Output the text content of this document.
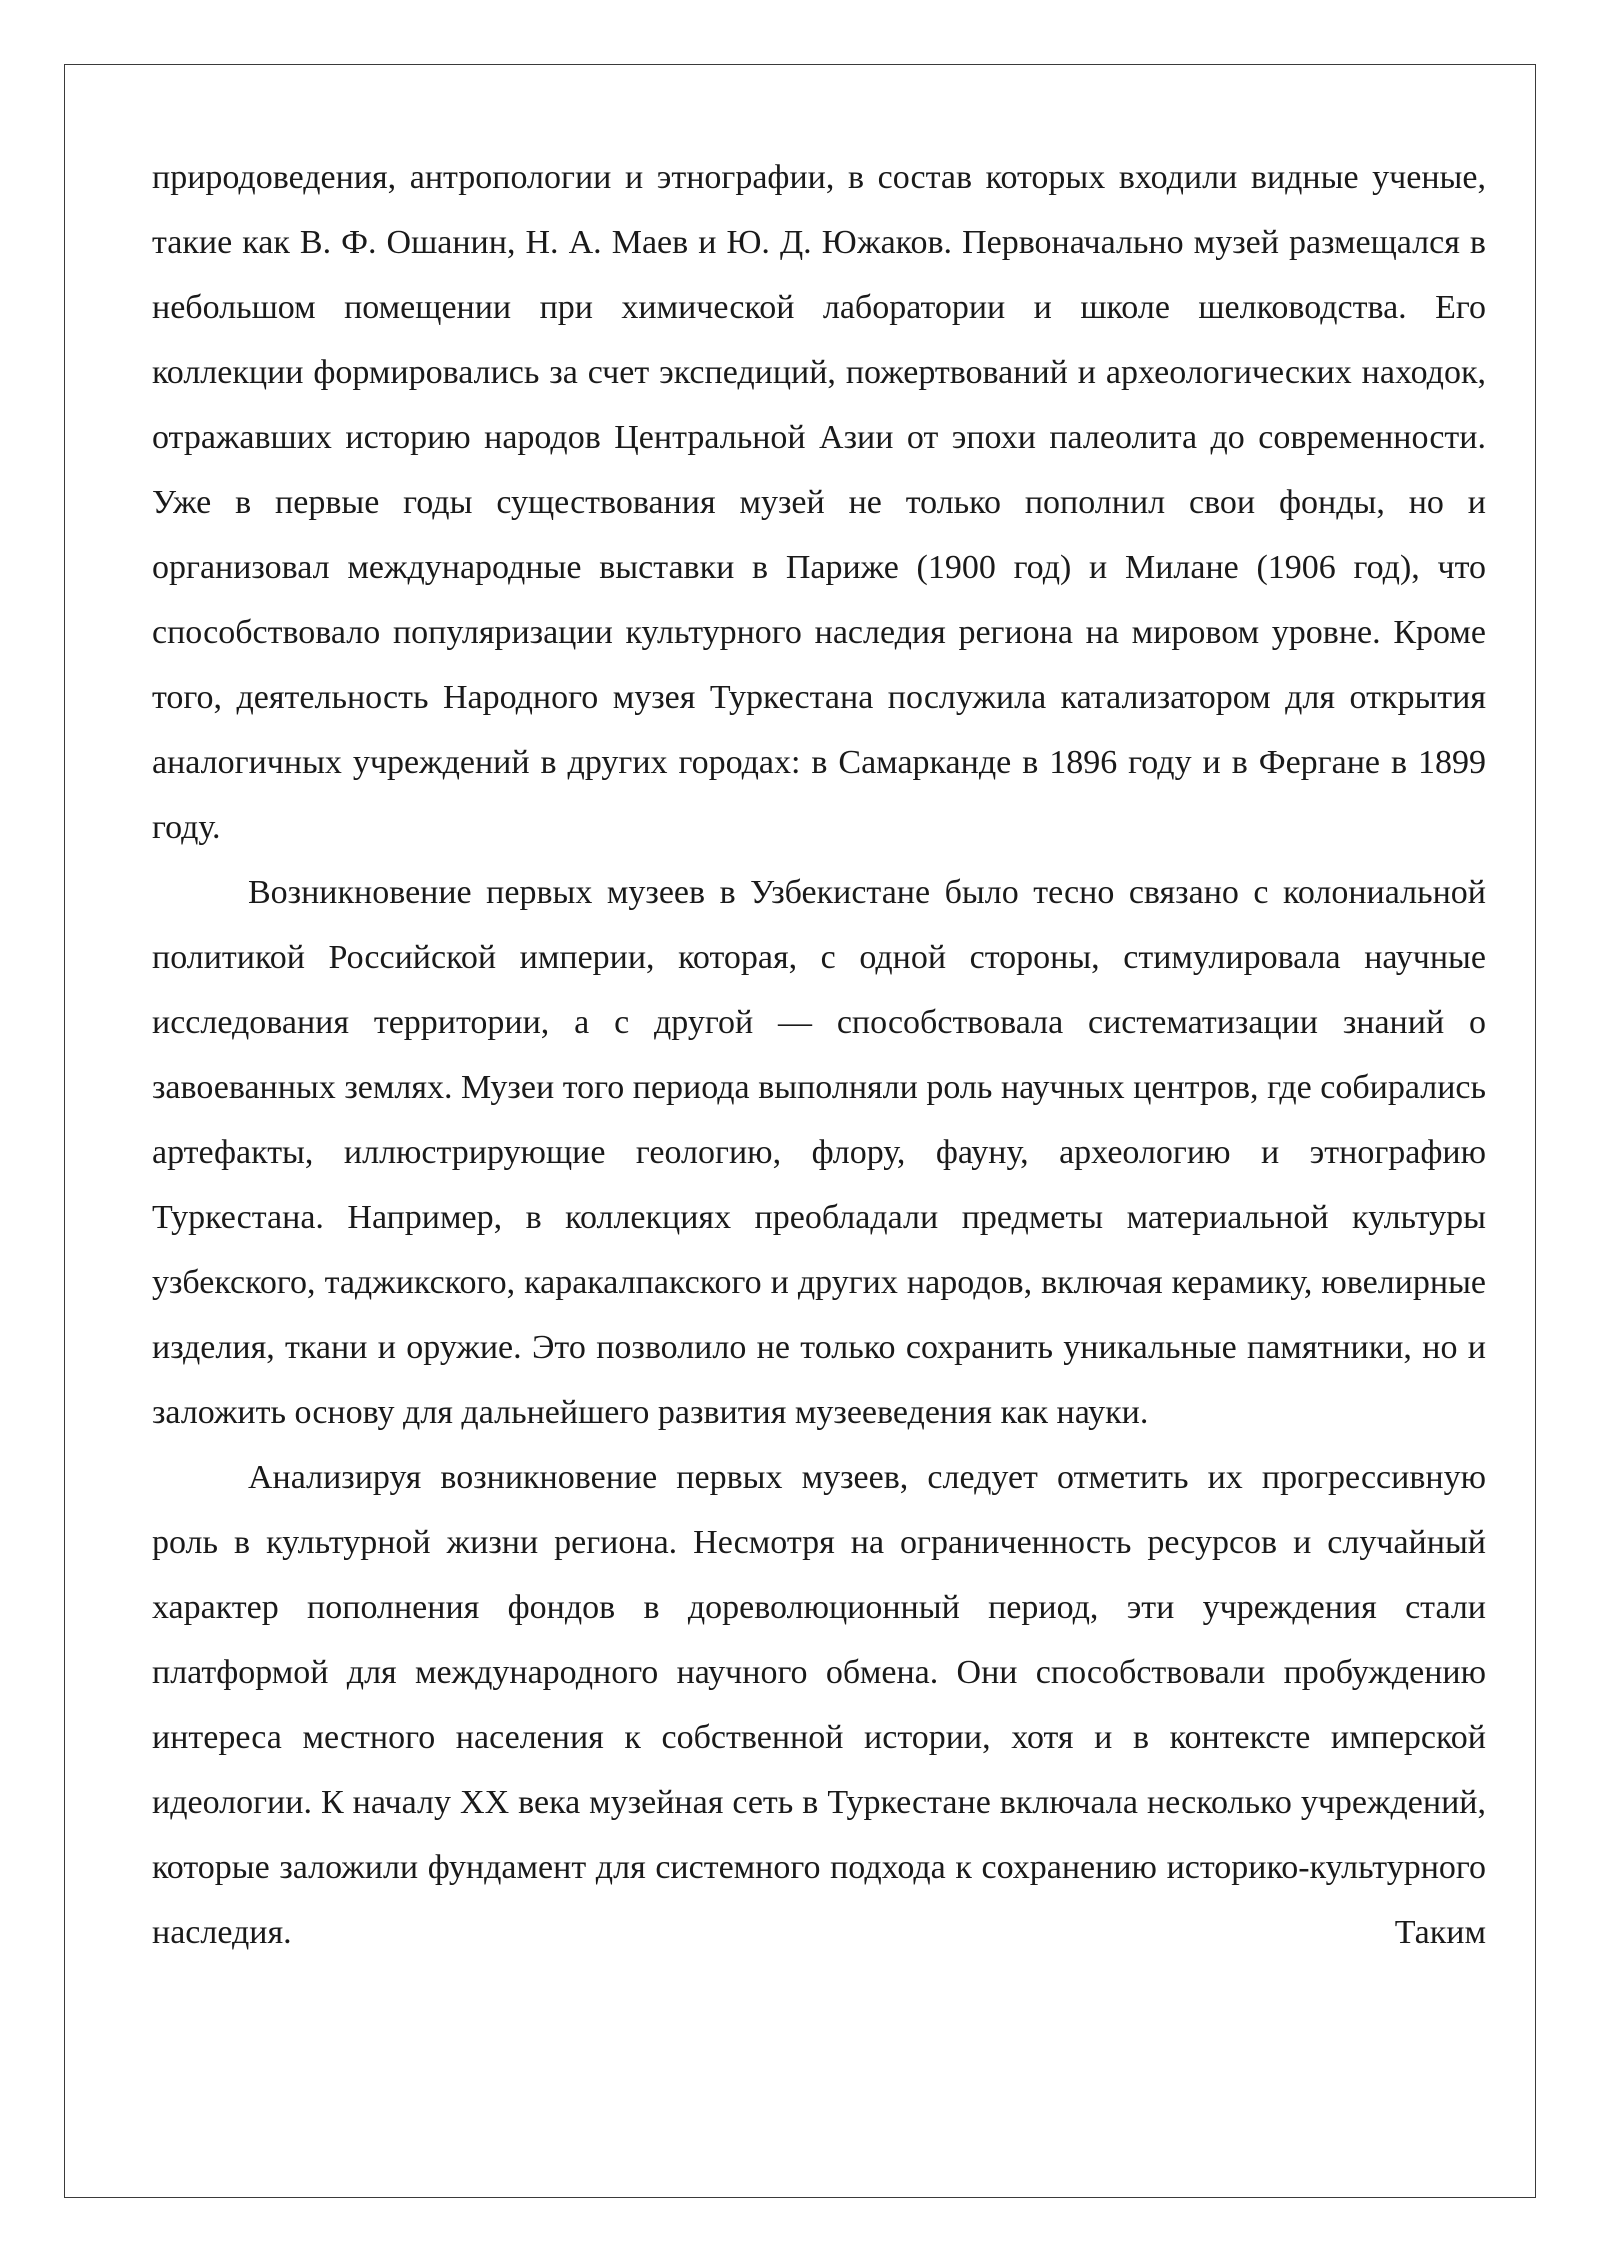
природоведения, антропологии и этнографии, в состав которых входили видные ученые, такие как В. Ф. Ошанин, Н. А. Маев и Ю. Д. Южаков. Первоначально музей размещался в небольшом помещении при химической лаборатории и школе шелководства. Его коллекции формировались за счет экспедиций, пожертвований и археологических находок, отражавших историю народов Центральной Азии от эпохи палеолита до современности. Уже в первые годы существования музей не только пополнил свои фонды, но и организовал международные выставки в Париже (1900 год) и Милане (1906 год), что способствовало популяризации культурного наследия региона на мировом уровне. Кроме того, деятельность Народного музея Туркестана послужила катализатором для открытия аналогичных учреждений в других городах: в Самарканде в 1896 году и в Фергане в 1899 году.

Возникновение первых музеев в Узбекистане было тесно связано с колониальной политикой Российской империи, которая, с одной стороны, стимулировала научные исследования территории, а с другой — способствовала систематизации знаний о завоеванных землях. Музеи того периода выполняли роль научных центров, где собирались артефакты, иллюстрирующие геологию, флору, фауну, археологию и этнографию Туркестана. Например, в коллекциях преобладали предметы материальной культуры узбекского, таджикского, каракалпакского и других народов, включая керамику, ювелирные изделия, ткани и оружие. Это позволило не только сохранить уникальные памятники, но и заложить основу для дальнейшего развития музееведения как науки.

Анализируя возникновение первых музеев, следует отметить их прогрессивную роль в культурной жизни региона. Несмотря на ограниченность ресурсов и случайный характер пополнения фондов в дореволюционный период, эти учреждения стали платформой для международного научного обмена. Они способствовали пробуждению интереса местного населения к собственной истории, хотя и в контексте имперской идеологии. К началу XX века музейная сеть в Туркестане включала несколько учреждений, которые заложили фундамент для системного подхода к сохранению историко-культурного наследия. Таким
